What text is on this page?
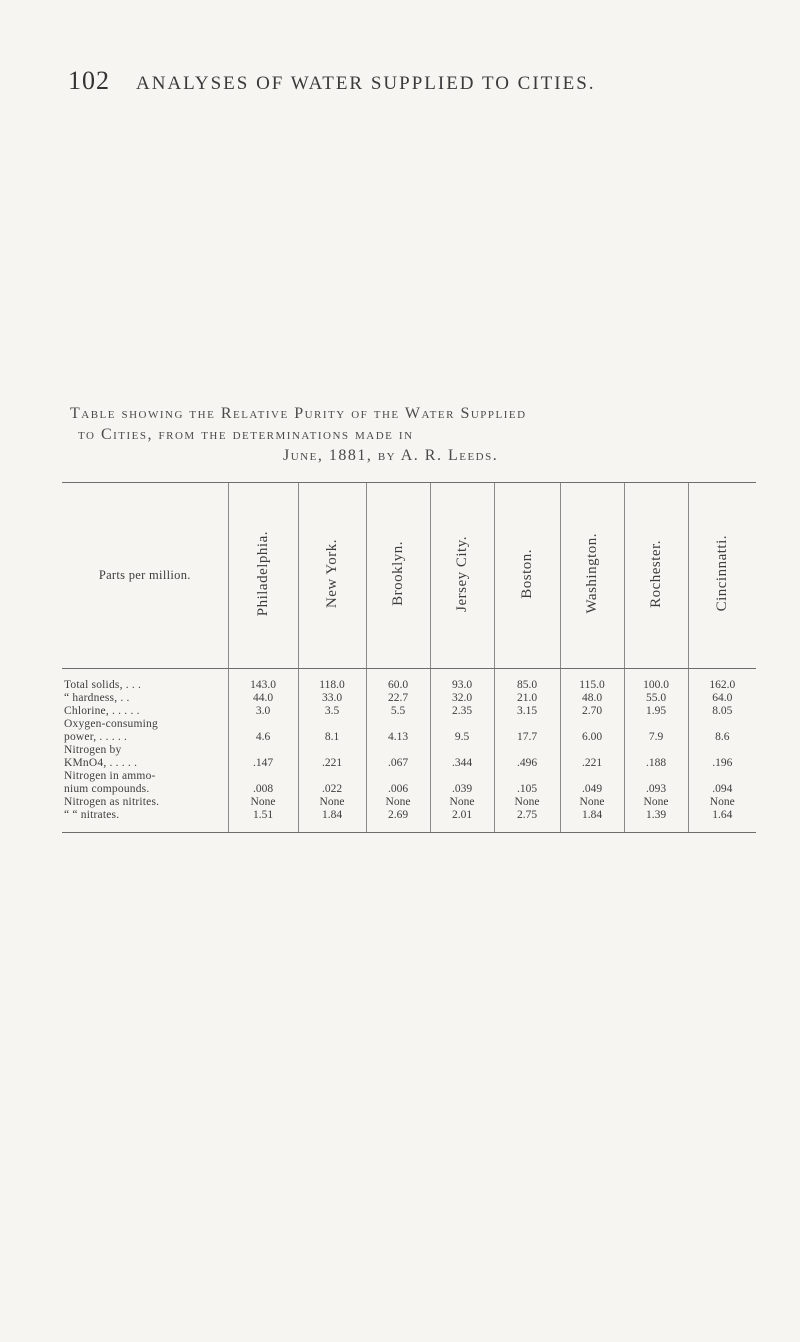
102 ANALYSES OF WATER SUPPLIED TO CITIES.
Table showing the Relative Purity of the Water Supplied
to Cities, from the determinations made in
June, 1881, by A. R. Leeds.
Parts per million.	Philadelphia.	New York.	Brooklyn.	Jersey City.	Boston.	Washington.	Rochester.	Cincinnatti.

Total solids, . . .	143.0	118.0	60.0	93.0	85.0	115.0	100.0	162.0
“ hardness, . .	44.0	33.0	22.7	32.0	21.0	48.0	55.0	64.0
Chlorine, . . . . .	3.0	3.5	5.5	2.35	3.15	2.70	1.95	8.05
Oxygen-consuming								
power, . . . . .	4.6	8.1	4.13	9.5	17.7	6.00	7.9	8.6
Nitrogen by								
KMnO4, . . . . .	.147	.221	.067	.344	.496	.221	.188	.196
Nitrogen in ammo-								
nium compounds.	.008	.022	.006	.039	.105	.049	.093	.094
Nitrogen as nitrites.	None	None	None	None	None	None	None	None
“ “ nitrates.	1.51	1.84	2.69	2.01	2.75	1.84	1.39	1.64
